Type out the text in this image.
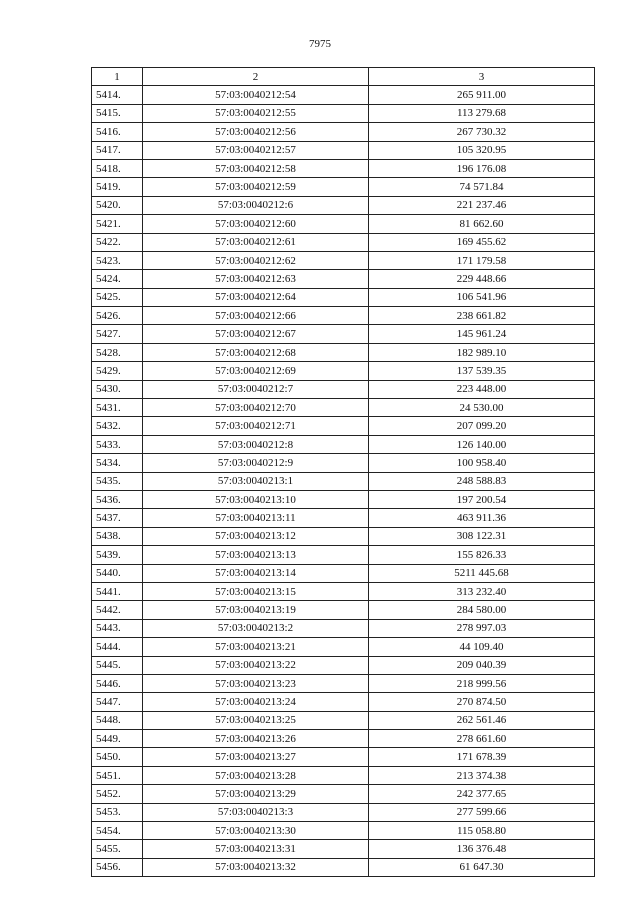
7975
1	2	3
5414.	57:03:0040212:54	265 911.00
5415.	57:03:0040212:55	113 279.68
5416.	57:03:0040212:56	267 730.32
5417.	57:03:0040212:57	105 320.95
5418.	57:03:0040212:58	196 176.08
5419.	57:03:0040212:59	74 571.84
5420.	57:03:0040212:6	221 237.46
5421.	57:03:0040212:60	81 662.60
5422.	57:03:0040212:61	169 455.62
5423.	57:03:0040212:62	171 179.58
5424.	57:03:0040212:63	229 448.66
5425.	57:03:0040212:64	106 541.96
5426.	57:03:0040212:66	238 661.82
5427.	57:03:0040212:67	145 961.24
5428.	57:03:0040212:68	182 989.10
5429.	57:03:0040212:69	137 539.35
5430.	57:03:0040212:7	223 448.00
5431.	57:03:0040212:70	24 530.00
5432.	57:03:0040212:71	207 099.20
5433.	57:03:0040212:8	126 140.00
5434.	57:03:0040212:9	100 958.40
5435.	57:03:0040213:1	248 588.83
5436.	57:03:0040213:10	197 200.54
5437.	57:03:0040213:11	463 911.36
5438.	57:03:0040213:12	308 122.31
5439.	57:03:0040213:13	155 826.33
5440.	57:03:0040213:14	5211 445.68
5441.	57:03:0040213:15	313 232.40
5442.	57:03:0040213:19	284 580.00
5443.	57:03:0040213:2	278 997.03
5444.	57:03:0040213:21	44 109.40
5445.	57:03:0040213:22	209 040.39
5446.	57:03:0040213:23	218 999.56
5447.	57:03:0040213:24	270 874.50
5448.	57:03:0040213:25	262 561.46
5449.	57:03:0040213:26	278 661.60
5450.	57:03:0040213:27	171 678.39
5451.	57:03:0040213:28	213 374.38
5452.	57:03:0040213:29	242 377.65
5453.	57:03:0040213:3	277 599.66
5454.	57:03:0040213:30	115 058.80
5455.	57:03:0040213:31	136 376.48
5456.	57:03:0040213:32	61 647.30
